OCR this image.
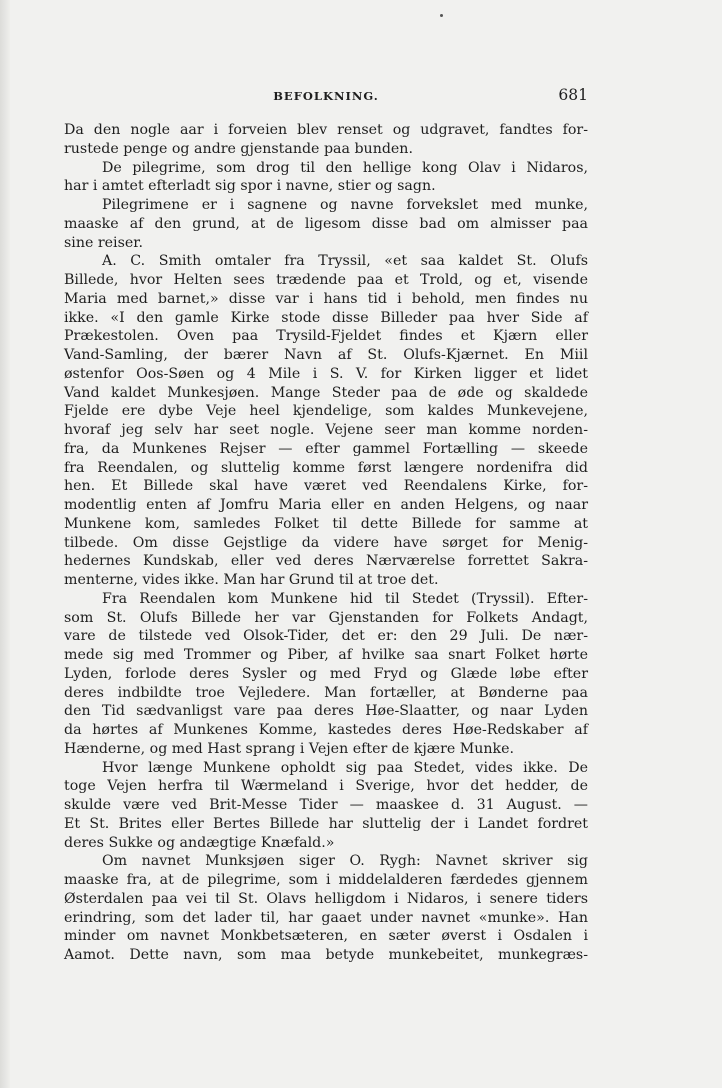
BEFOLKNING.	681
Da den nogle aar i forveien blev renset og udgravet, fandtes for-
rustede penge og andre gjenstande paa bunden.
De pilegrime, som drog til den hellige kong Olav i Nidaros,
har i amtet efterladt sig spor i navne, stier og sagn.
Pilegrimene er i sagnene og navne forvekslet med munke,
maaske af den grund, at de ligesom disse bad om almisser paa
sine reiser.
A. C. Smith omtaler fra Tryssil, «et saa kaldet St. Olufs
Billede, hvor Helten sees trædende paa et Trold, og et, visende
Maria med barnet,» disse var i hans tid i behold, men findes nu
ikke. «I den gamle Kirke stode disse Billeder paa hver Side af
Prækestolen. Oven paa Trysild-Fjeldet findes et Kjærn eller
Vand-Samling, der bærer Navn af St. Olufs-Kjærnet. En Miil
østenfor Oos-Søen og 4 Mile i S. V. for Kirken ligger et lidet
Vand kaldet Munkesjøen. Mange Steder paa de øde og skaldede
Fjelde ere dybe Veje heel kjendelige, som kaldes Munkevejene,
hvoraf jeg selv har seet nogle. Vejene seer man komme norden-
fra, da Munkenes Rejser — efter gammel Fortælling — skeede
fra Reendalen, og sluttelig komme først længere nordenifra did
hen. Et Billede skal have været ved Reendalens Kirke, for-
modentlig enten af Jomfru Maria eller en anden Helgens, og naar
Munkene kom, samledes Folket til dette Billede for samme at
tilbede. Om disse Gejstlige da videre have sørget for Menig-
hedernes Kundskab, eller ved deres Nærværelse forrettet Sakra-
menterne, vides ikke. Man har Grund til at troe det.
Fra Reendalen kom Munkene hid til Stedet (Tryssil). Efter-
som St. Olufs Billede her var Gjenstanden for Folkets Andagt,
vare de tilstede ved Olsok-Tider, det er: den 29 Juli. De nær-
mede sig med Trommer og Piber, af hvilke saa snart Folket hørte
Lyden, forlode deres Sysler og med Fryd og Glæde løbe efter
deres indbildte troe Vejledere. Man fortæller, at Bønderne paa
den Tid sædvanligst vare paa deres Høe-Slaatter, og naar Lyden
da hørtes af Munkenes Komme, kastedes deres Høe-Redskaber af
Hænderne, og med Hast sprang i Vejen efter de kjære Munke.
Hvor længe Munkene opholdt sig paa Stedet, vides ikke. De
toge Vejen herfra til Wærmeland i Sverige, hvor det hedder, de
skulde være ved Brit-Messe Tider — maaskee d. 31 August. —
Et St. Brites eller Bertes Billede har sluttelig der i Landet fordret
deres Sukke og andægtige Knæfald.»
Om navnet Munksjøen siger O. Rygh: Navnet skriver sig
maaske fra, at de pilegrime, som i middelalderen færdedes gjennem
Østerdalen paa vei til St. Olavs helligdom i Nidaros, i senere tiders
erindring, som det lader til, har gaaet under navnet «munke». Han
minder om navnet Monkbetsæteren, en sæter øverst i Osdalen i
Aamot. Dette navn, som maa betyde munkebeitet, munkegræs-
